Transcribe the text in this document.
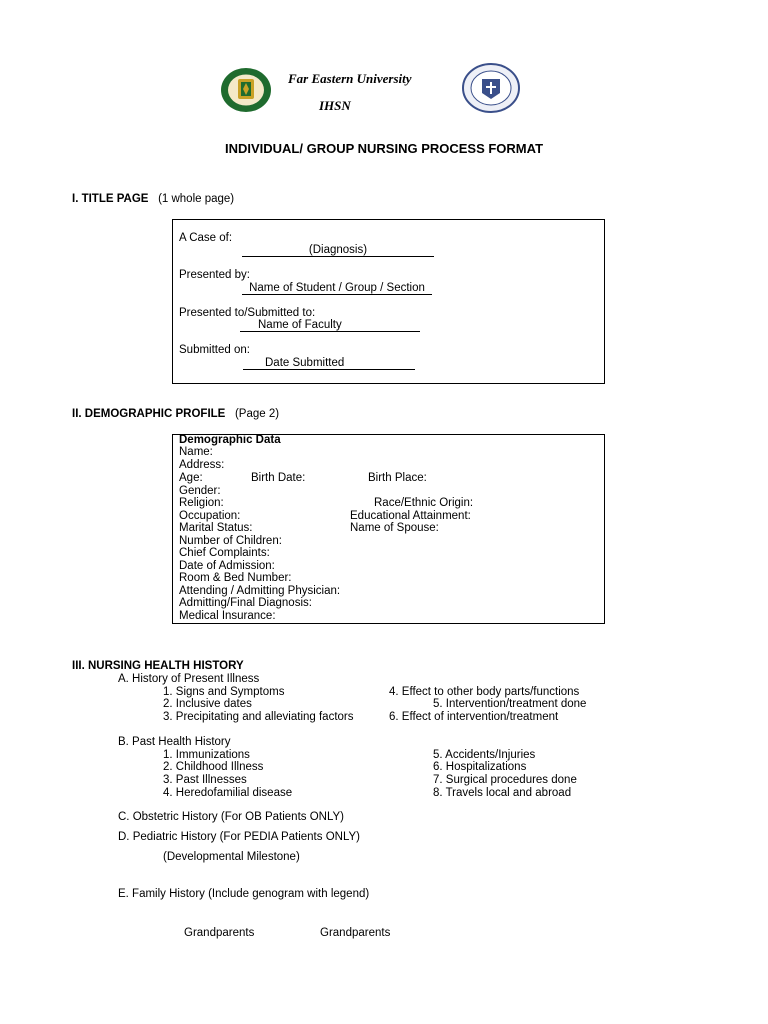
Far Eastern University
IHSN
INDIVIDUAL/ GROUP NURSING PROCESS FORMAT
I. TITLE PAGE (1 whole page)
A Case of:
(Diagnosis)
Presented by:
Name of Student / Group / Section
Presented to/Submitted to:
Name of Faculty
Submitted on:
Date Submitted
II. DEMOGRAPHIC PROFILE (Page 2)
Demographic Data
Name:
Address:
Age:	Birth Date:	Birth Place:
Gender:
Religion:	Race/Ethnic Origin:
Occupation:	Educational Attainment:
Marital Status:	Name of Spouse:
Number of Children:
Chief Complaints:
Date of Admission:
Room & Bed Number:
Attending / Admitting Physician:
Admitting/Final Diagnosis:
Medical Insurance:
III. NURSING HEALTH HISTORY
A. History of Present Illness
1. Signs and Symptoms
2. Inclusive dates
3. Precipitating and alleviating factors
4. Effect to other body parts/functions
5. Intervention/treatment done
6. Effect of intervention/treatment
B. Past Health History
1. Immunizations
2. Childhood Illness
3. Past Illnesses
4. Heredofamilial disease
5. Accidents/Injuries
6. Hospitalizations
7. Surgical procedures done
8. Travels local and abroad
C. Obstetric History (For OB Patients ONLY)
D. Pediatric History (For PEDIA Patients ONLY)
(Developmental Milestone)
E. Family History (Include genogram with legend)
Grandparents	Grandparents
